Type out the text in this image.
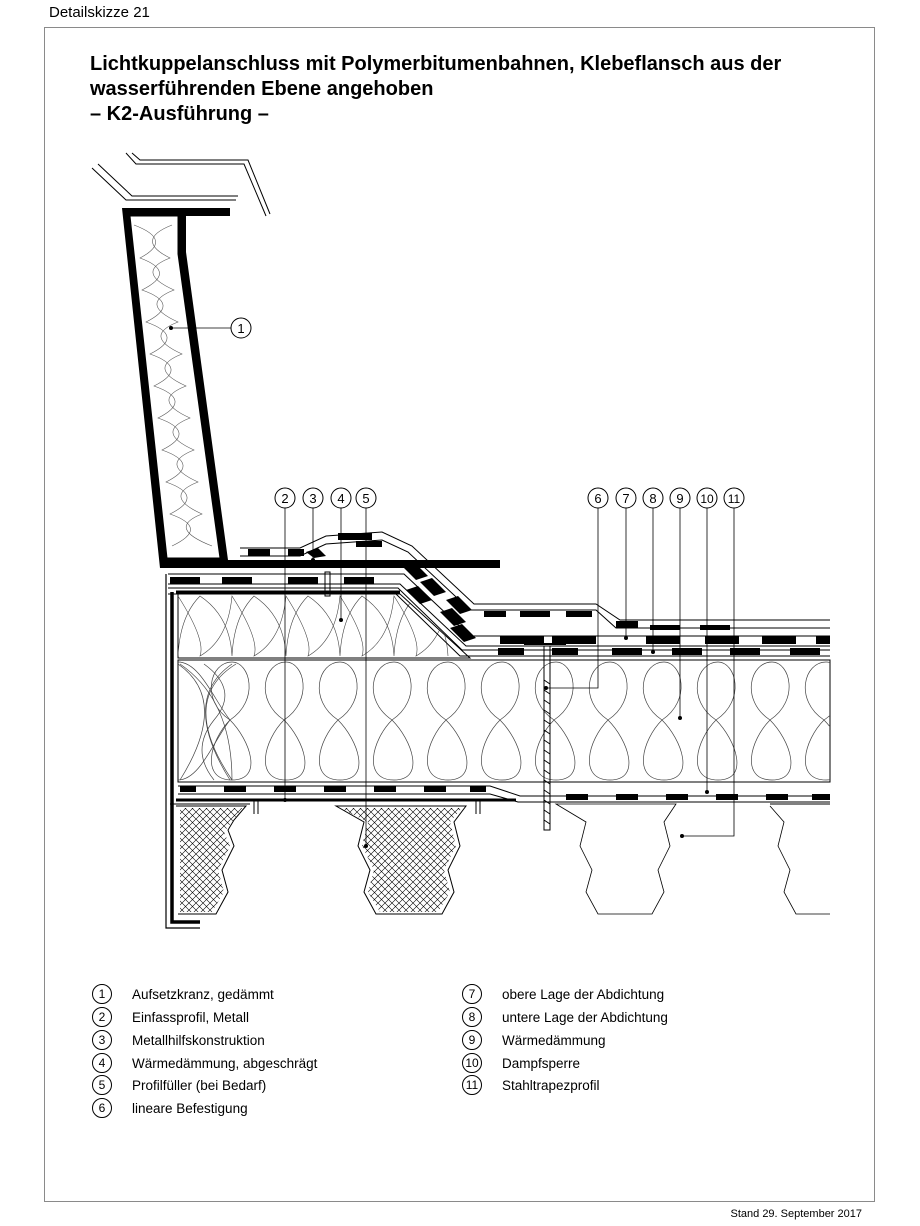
Detailskizze 21
Lichtkuppelanschluss mit Polymerbitumenbahnen, Klebeflansch aus der
wasserführenden Ebene angehoben
– K2-Ausführung –
1
2 3 4 5	6 7 8 9 10 11
1	Aufsetzkranz, gedämmt
2	Einfassprofil, Metall
3	Metallhilfskonstruktion
4	Wärmedämmung, abgeschrägt
5	Profilfüller (bei Bedarf)
6	lineare Befestigung
7	obere Lage der Abdichtung
8	untere Lage der Abdichtung
9	Wärmedämmung
10 Dampfsperre
11 Stahltrapezprofil
Stand 29. September 2017
